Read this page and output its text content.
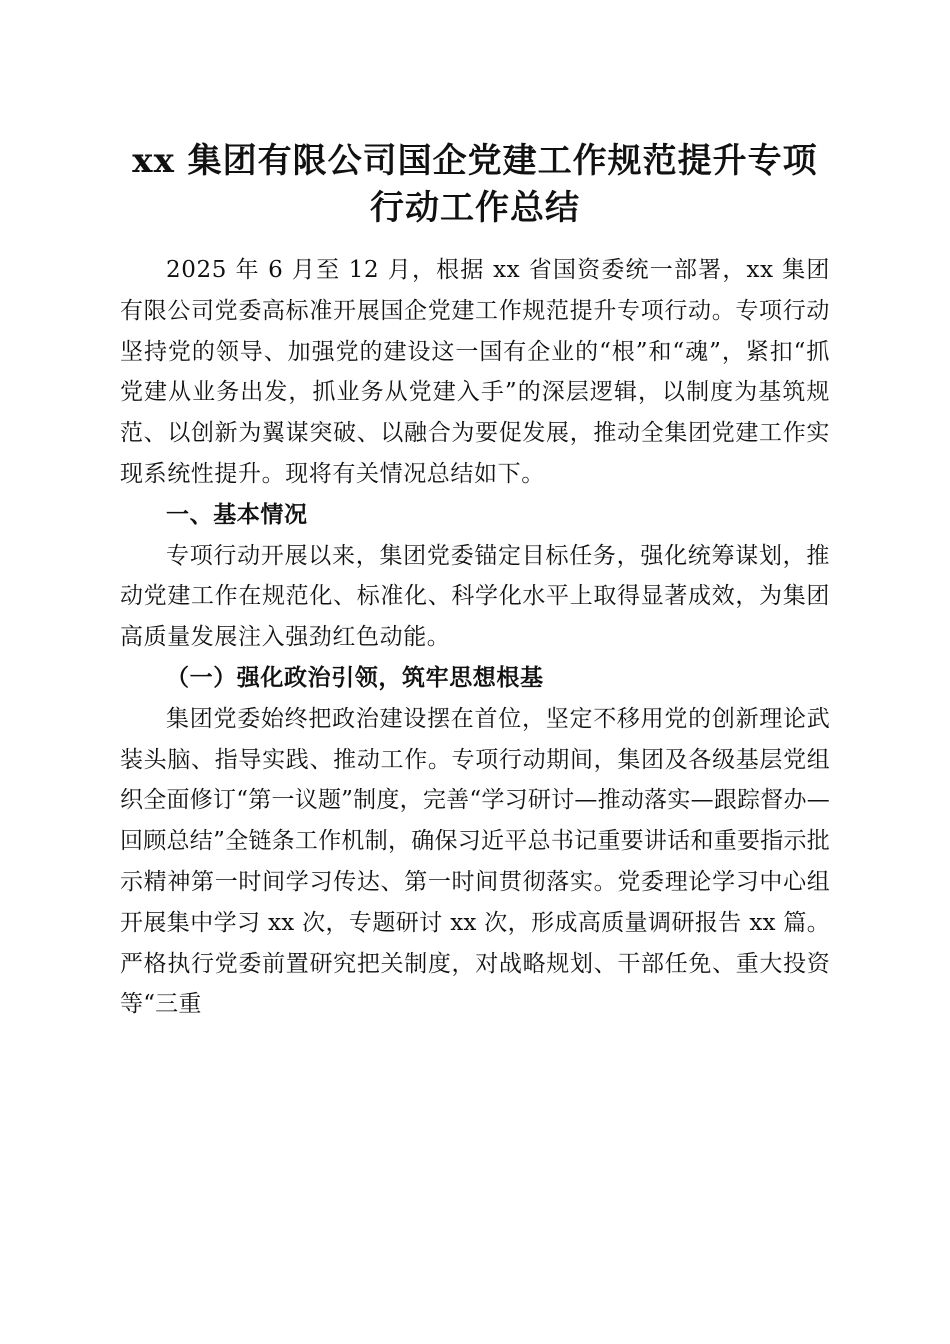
xx 集团有限公司国企党建工作规范提升专项
行动工作总结

2025 年 6 月至 12 月，根据 xx 省国资委统一部署，xx 集团有限公司党委高标准开展国企党建工作规范提升专项行动。专项行动坚持党的领导、加强党的建设这一国有企业的“根”和“魂”，紧扣“抓党建从业务出发，抓业务从党建入手”的深层逻辑，以制度为基筑规范、以创新为翼谋突破、以融合为要促发展，推动全集团党建工作实现系统性提升。现将有关情况总结如下。

一、基本情况

专项行动开展以来，集团党委锚定目标任务，强化统筹谋划，推动党建工作在规范化、标准化、科学化水平上取得显著成效，为集团高质量发展注入强劲红色动能。

（一）强化政治引领，筑牢思想根基

集团党委始终把政治建设摆在首位，坚定不移用党的创新理论武装头脑、指导实践、推动工作。专项行动期间，集团及各级基层党组织全面修订“第一议题”制度，完善“学习研讨—推动落实—跟踪督办—回顾总结”全链条工作机制，确保习近平总书记重要讲话和重要指示批示精神第一时间学习传达、第一时间贯彻落实。党委理论学习中心组开展集中学习 xx 次，专题研讨 xx 次，形成高质量调研报告 xx 篇。严格执行党委前置研究把关制度，对战略规划、干部任免、重大投资等“三重
